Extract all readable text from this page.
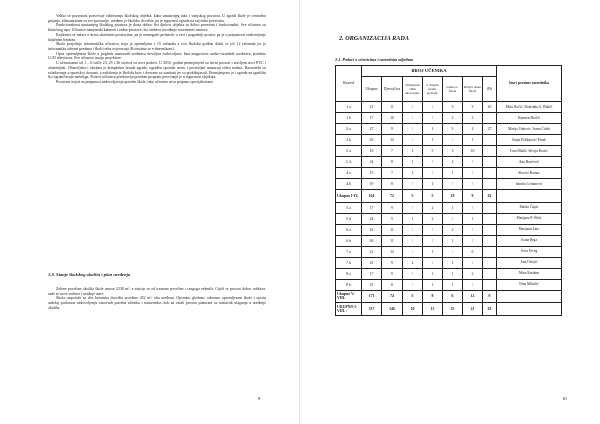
Velika se pozornost posvećuje održavanju školskog objekta, kako unutarnjeg tako i vanjskog prostora. U zgradi škole je centralno grijanje, klimatizirane su sve prostorije, uređeno je školsko dvorište, pa je sigurnost zgrade na zaj ništa povećana.

Funkcionalnost unutarnjeg školskog prostora je dosta dobra. Svi djelovi objekta su dobro povezani i funkcionalni. Sve učionice su klasičnog tipa. Učionice namjenski kabineti i radne prostore, što otežava izvođenje suvremene nastave.

Knjižnica se nalazi u dosta skučenim prostorima, pa je nemoguće probaviti u veći i pogodniji prostor pa je u potpunosti zadovoljenje knjižnim fondom.

Školu posjeduje informatička učionica, koja je opremljena s 15 računala a ovu školsku godinu dobit će još 12 računala jer je informatika izborni predmet i školi treba ovjeravaju (Koristimo se e-dnevnikom).

Opća opremljenost škole u pogledu nastavnih sredstava dovoljna zadovoljava. Ima mogućnost audio-vizualnih sredstava, posebno LCD televizora. Sve učionice imaju projektore.

U učionicama od 1 – 6 ističe 23, 25 i 26 stolova su novi podovi. U 2010. godini promijenjeni su drvni prozori i stavljeni novi PVC i aluminijski. Obnovljena i obojena je kompletna fasada zgrade, ograđen sportski teren, i postavljen unutarnji video nadzor. Ravnoteže su svladavanje u sportskoj dvorani, a zaštićenja je školski krov i dvorane su sanirani jer su prokišnjavali. Promijenjena je i ograda na igralištu što ograničavaju nažaloga. Podovi učionica predstavlja poseban program povećanje je u sigurnosti objekata.

Prostorni uvjeti za potpunost zadovoljavaju potrebe škole, iako učionice nisu potpuno specijalizirane.

1.3. Stanje školskog okoliša i plan uređenja

Zelene površine okoliša škole iznose 2238 m², a sastoje se od travnate površine i razgoga zelenila. Cijeli se prostor dobro održava, sade se nove sadnice i uređuje stare.

Škola raspolaže sa dva betonska dvorišta površine 452 m², oba uređena. Općenito gledano, odnosno opremljenost škole i njezin sadržaj pridonosi zadovoljenju osnovnih potreba učenika i nastavnika, dok za ostali prostor planirani su nastavak ulaganja u uređenje okoliša.

9
2. ORGANIZACIJA RADA
2.1. Podaci o učenicima i razrednim odjelima
Razred	BROJ UČENIKA							Ime i prezime razrednika
	Ukupno	Djevojčica	Primjereni oblik školovanja	S drugim promj. postupk.	putnici I-Škola	Putnici putko Škola	(B)	
1.a	21	11	/	/	3	3	20	Mirri Ročić, Dobrinka G. Blažić
1.b	17	10	/	/	3	3		Karmen Borčić
2.a	27	9	/	1	3	2	27	Marija Vuković, Ivana Ćolak
2.b	25	12	/	1	/	1		Sanja Poldrpović Pivak
3. a	16	7	1	5	3	16		Ivna Blažić, Silvija Krotić
3. b	24	8	1	/	2	/		Ana Bavčević
4.a	15	7	2	/	1	/		Slavica Romac
4.b	19	8	/	1	/	/		Sandra Cvitanović
Ukupno I-IV.	164	72	5	5	19	9	63	
5.a	17	9	/	2	1	/		Marko Čupić
5.b	24	5	1	2	/	1		Marijana P.-Šikić
6.a	22	11	/	/	2	/		Marijana Zaro
6.b	26	11	/	/	1	/		Ivana Brga
7.a	21	12	/	1	/	6		Ivica Erceg
7.b	23	9	2	/	1	/		Ana Ostojić
8.a	17	9	/	1	1	2		Mara Kardum
8.b	23	8	/	1	1	/		Nina Mikačić
Ukupno V.-VIII.	173	74	5	8	6	12	0	
UKUPNO I-VIII. :	337	146	10	13	25	21	63	
10
